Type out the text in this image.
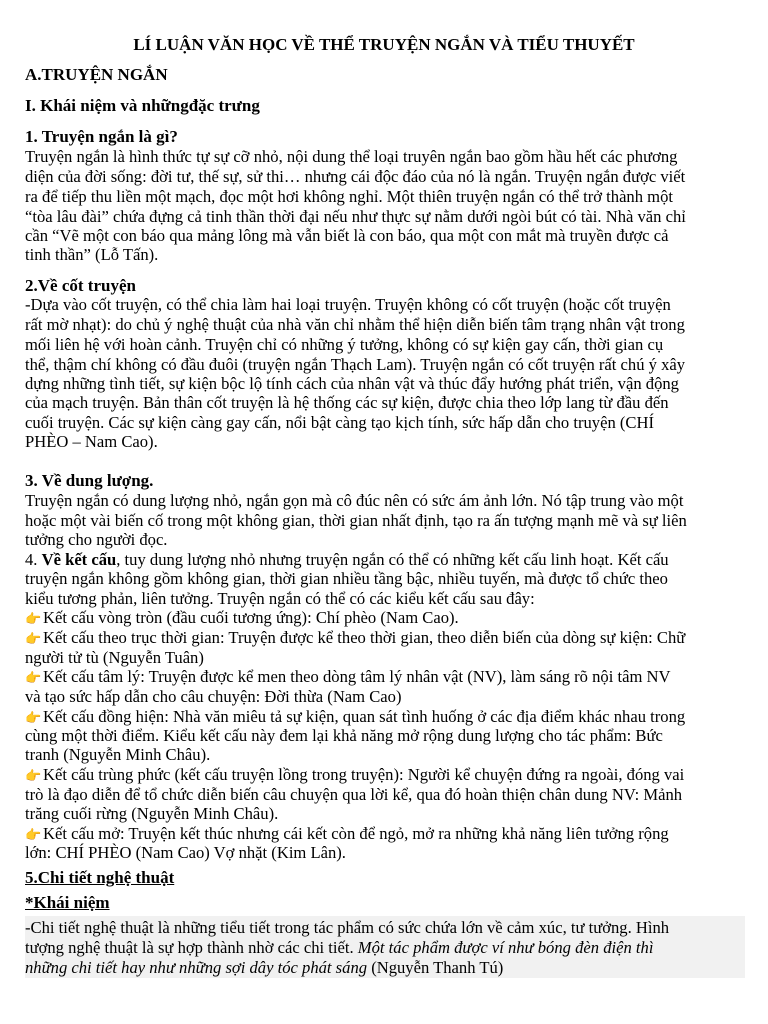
LÍ LUẬN VĂN HỌC VỀ THỂ TRUYỆN NGẮN VÀ TIỂU THUYẾT
A.TRUYỆN NGẮN
I. Khái niệm và nhữngđặc trưng
1. Truyện ngắn là gì?
Truyện ngắn là hình thức tự sự cỡ nhỏ, nội dung thể loại truyên ngắn bao gồm hầu hết các phương
diện của đời sống: đời tư, thế sự, sử thi… nhưng cái độc đáo của nó là ngắn. Truyện ngắn được viết
ra để tiếp thu liền một mạch, đọc một hơi không nghỉ. Một thiên truyện ngắn có thể trở thành một
“tòa lâu đài” chứa đựng cả tinh thần thời đại nếu như thực sự nằm dưới ngòi bút có tài. Nhà văn chỉ
cần “Vẽ một con báo qua mảng lông mà vẫn biết là con báo, qua một con mắt mà truyền được cả
tinh thần” (Lỗ Tấn).
2.Về cốt truyện
-Dựa vào cốt truyện, có thể chia làm hai loại truyện. Truyện không có cốt truyện (hoặc cốt truyện
rất mờ nhạt): do chủ ý nghệ thuật của nhà văn chỉ nhằm thể hiện diễn biến tâm trạng nhân vật trong
mối liên hệ với hoàn cảnh. Truyện chỉ có những ý tưởng, không có sự kiện gay cấn, thời gian cụ
thể, thậm chí không có đầu đuôi (truyện ngắn Thạch Lam). Truyện ngắn có cốt truyện rất chú ý xây
dựng những tình tiết, sự kiện bộc lộ tính cách của nhân vật và thúc đẩy hướng phát triển, vận động
của mạch truyện. Bản thân cốt truyện là hệ thống các sự kiện, được chia theo lớp lang từ đầu đến
cuối truyện. Các sự kiện càng gay cấn, nổi bật càng tạo kịch tính, sức hấp dẫn cho truyện (CHÍ
PHÈO – Nam Cao).
3. Về dung lượng.
Truyện ngắn có dung lượng nhỏ, ngắn gọn mà cô đúc nên có sức ám ảnh lớn. Nó tập trung vào một
hoặc một vài biến cố trong một không gian, thời gian nhất định, tạo ra ấn tượng mạnh mẽ và sự liên
tưởng cho người đọc.
4. Về kết cấu, tuy dung lượng nhỏ nhưng truyện ngắn có thể có những kết cấu linh hoạt. Kết cấu
truyện ngắn không gồm không gian, thời gian nhiều tầng bậc, nhiều tuyến, mà được tổ chức theo
kiểu tương phản, liên tưởng. Truyện ngắn có thể có các kiểu kết cấu sau đây:
👉 Kết cấu vòng tròn (đầu cuối tương ứng): Chí phèo (Nam Cao).
👉 Kết cấu theo trục thời gian: Truyện được kể theo thời gian, theo diễn biến của dòng sự kiện: Chữ
người tử tù (Nguyễn Tuân)
👉 Kết cấu tâm lý: Truyện được kể men theo dòng tâm lý nhân vật (NV), làm sáng rõ nội tâm NV
và tạo sức hấp dẫn cho câu chuyện: Đời thừa (Nam Cao)
👉 Kết cấu đồng hiện: Nhà văn miêu tả sự kiện, quan sát tình huống ở các địa điểm khác nhau trong
cùng một thời điểm. Kiểu kết cấu này đem lại khả năng mở rộng dung lượng cho tác phẩm: Bức
tranh (Nguyễn Minh Châu).
👉 Kết cấu trùng phức (kết cấu truyện lồng trong truyện): Người kể chuyện đứng ra ngoài, đóng vai
trò là đạo diễn để tổ chức diễn biến câu chuyện qua lời kể, qua đó hoàn thiện chân dung NV: Mảnh
trăng cuối rừng (Nguyễn Minh Châu).
👉 Kết cấu mở: Truyện kết thúc nhưng cái kết còn để ngỏ, mở ra những khả năng liên tưởng rộng
lớn: CHÍ PHÈO (Nam Cao) Vợ nhặt (Kim Lân).
5.Chi tiết nghệ thuật
*Khái niệm
-Chi tiết nghệ thuật là những tiểu tiết trong tác phẩm có sức chứa lớn về cảm xúc, tư tưởng. Hình
tượng nghệ thuật là sự hợp thành nhờ các chi tiết. Một tác phẩm được ví như bóng đèn điện thì
những chi tiết hay như những sợi dây tóc phát sáng (Nguyễn Thanh Tú)
